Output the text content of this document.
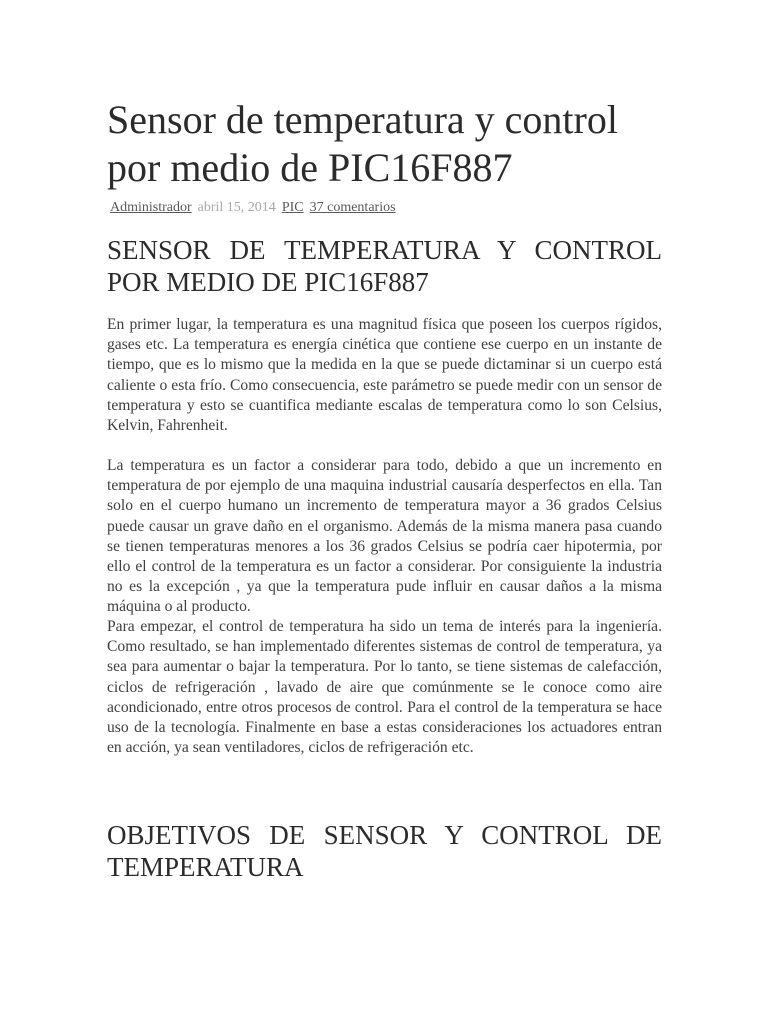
Sensor de temperatura y control por medio de PIC16F887
Administrador abril 15, 2014 PIC 37 comentarios
SENSOR DE TEMPERATURA Y CONTROL POR MEDIO DE PIC16F887

En primer lugar, la temperatura es una magnitud física que poseen los cuerpos rígidos, gases etc. La temperatura es energía cinética que contiene ese cuerpo en un instante de tiempo, que es lo mismo que la medida en la que se puede dictaminar si un cuerpo está caliente o esta frío. Como consecuencia, este parámetro se puede medir con un sensor de temperatura y esto se cuantifica mediante escalas de temperatura como lo son Celsius, Kelvin, Fahrenheit.

La temperatura es un factor a considerar para todo, debido a que un incremento en temperatura de por ejemplo de una maquina industrial causaría desperfectos en ella. Tan solo en el cuerpo humano un incremento de temperatura mayor a 36 grados Celsius puede causar un grave daño en el organismo. Además de la misma manera pasa cuando se tienen temperaturas menores a los 36 grados Celsius se podría caer hipotermia, por ello el control de la temperatura es un factor a considerar. Por consiguiente la industria no es la excepción , ya que la temperatura pude influir en causar daños a la misma máquina o al producto.

Para empezar, el control de temperatura ha sido un tema de interés para la ingeniería. Como resultado, se han implementado diferentes sistemas de control de temperatura, ya sea para aumentar o bajar la temperatura. Por lo tanto, se tiene sistemas de calefacción, ciclos de refrigeración , lavado de aire que comúnmente se le conoce como aire acondicionado, entre otros procesos de control. Para el control de la temperatura se hace uso de la tecnología. Finalmente en base a estas consideraciones los actuadores entran en acción, ya sean ventiladores, ciclos de refrigeración etc.

OBJETIVOS DE SENSOR Y CONTROL DE TEMPERATURA
